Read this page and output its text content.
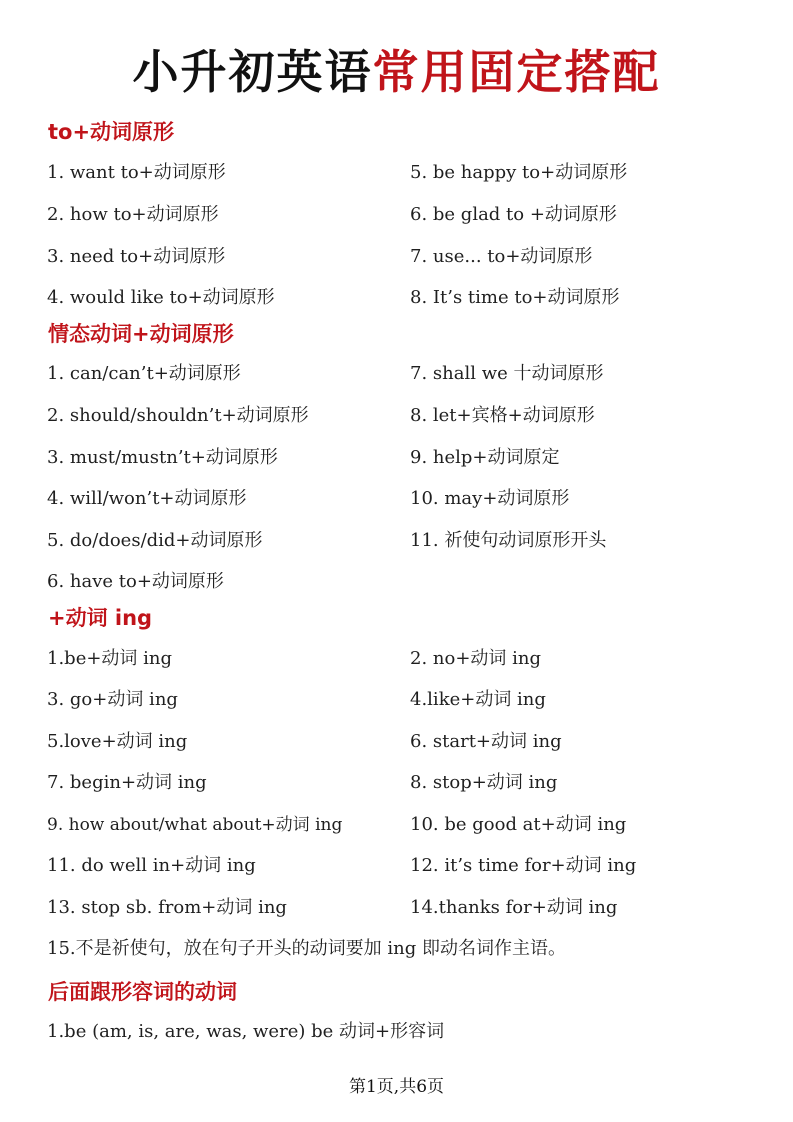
小升初英语常用固定搭配
to+动词原形
1. want to+动词原形	5. be happy to+动词原形
2. how to+动词原形	6. be glad to +动词原形
3. need to+动词原形	7. use... to+动词原形
4. would like to+动词原形	8. It’s time to+动词原形
情态动词+动词原形
1. can/can’t+动词原形	7. shall we 十动词原形
2. should/shouldn’t+动词原形	8. let+宾格+动词原形
3. must/mustn’t+动词原形	9. help+动词原定
4. will/won’t+动词原形	10. may+动词原形
5. do/does/did+动词原形	11. 祈使句动词原形开头
6. have to+动词原形
+动词 ing
1.be+动词 ing	2. no+动词 ing
3. go+动词 ing	4.like+动词 ing
5.love+动词 ing	6. start+动词 ing
7. begin+动词 ing	8. stop+动词 ing
9. how about/what about+动词 ing	10. be good at+动词 ing
11. do well in+动词 ing	12. it’s time for+动词 ing
13. stop sb. from+动词 ing	14.thanks for+动词 ing
15.不是祈使句，放在句子开头的动词要加 ing 即动名词作主语。
后面跟形容词的动词
1.be (am, is, are, was, were) be 动词+形容词
第1页,共6页
